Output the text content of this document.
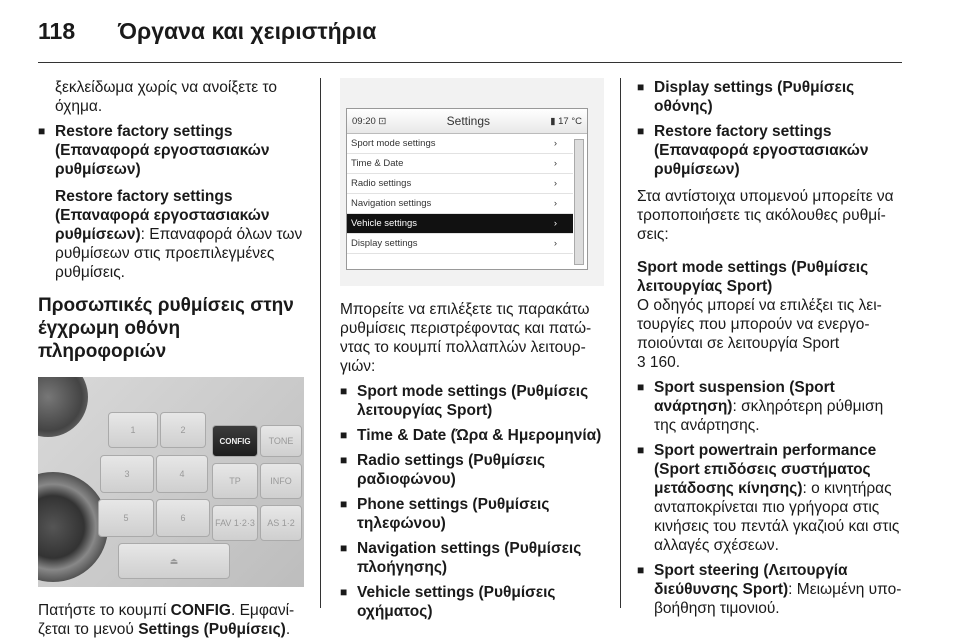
118 Όργανα και χειριστήρια

ξεκλείδωμα χωρίς να ανοίξετε το όχημα.

■ Restore factory settings (Επαναφορά εργοστασιακών ρυθμίσεων)

Restore factory settings (Επαναφορά εργοστασιακών ρυθμίσεων): Επαναφορά όλων των ρυθμίσεων στις προεπιλεγμένες ρυθμίσεις.

Προσωπικές ρυθμίσεις στην έγχρωμη οθόνη πληροφοριών

1	2
3	4
5	6
⏏
CONFIG	TONE
TP	INFO
FAV 1·2·3	AS 1·2

Πατήστε το κουμπί CONFIG. Εμφανί-ζεται το μενού Settings (Ρυθμίσεις).

09:20 ⊡	Settings	▮ 17 °C
Sport mode settings	›
Time & Date	›
Radio settings	›
Navigation settings	›
Vehicle settings	›
Display settings	›

Μπορείτε να επιλέξετε τις παρακάτω ρυθμίσεις περιστρέφοντας και πατώ-ντας το κουμπί πολλαπλών λειτουρ-γιών:

■ Sport mode settings (Ρυθμίσεις λειτουργίας Sport)

■ Time & Date (Ώρα & Ημερομηνία)

■ Radio settings (Ρυθμίσεις ραδιοφώνου)

■ Phone settings (Ρυθμίσεις τηλεφώνου)

■ Navigation settings (Ρυθμίσεις πλοήγησης)

■ Vehicle settings (Ρυθμίσεις οχήματος)

■ Display settings (Ρυθμίσεις οθόνης)

■ Restore factory settings (Επαναφορά εργοστασιακών ρυθμίσεων)

Στα αντίστοιχα υπομενού μπορείτε να τροποποιήσετε τις ακόλουθες ρυθμί-σεις:

Sport mode settings (Ρυθμίσεις λειτουργίας Sport)

Ο οδηγός μπορεί να επιλέξει τις λει-τουργίες που μπορούν να ενεργο-ποιούνται σε λειτουργία Sport

3 160.

■ Sport suspension (Sport ανάρτηση): σκληρότερη ρύθμιση της ανάρτησης.

■ Sport powertrain performance (Sport επιδόσεις συστήματος μετάδοσης κίνησης): ο κινητήρας ανταποκρίνεται πιο γρήγορα στις κινήσεις του πεντάλ γκαζιού και στις αλλαγές σχέσεων.

■ Sport steering (Λειτουργία διεύθυνσης Sport): Μειωμένη υπο-βοήθηση τιμονιού.
